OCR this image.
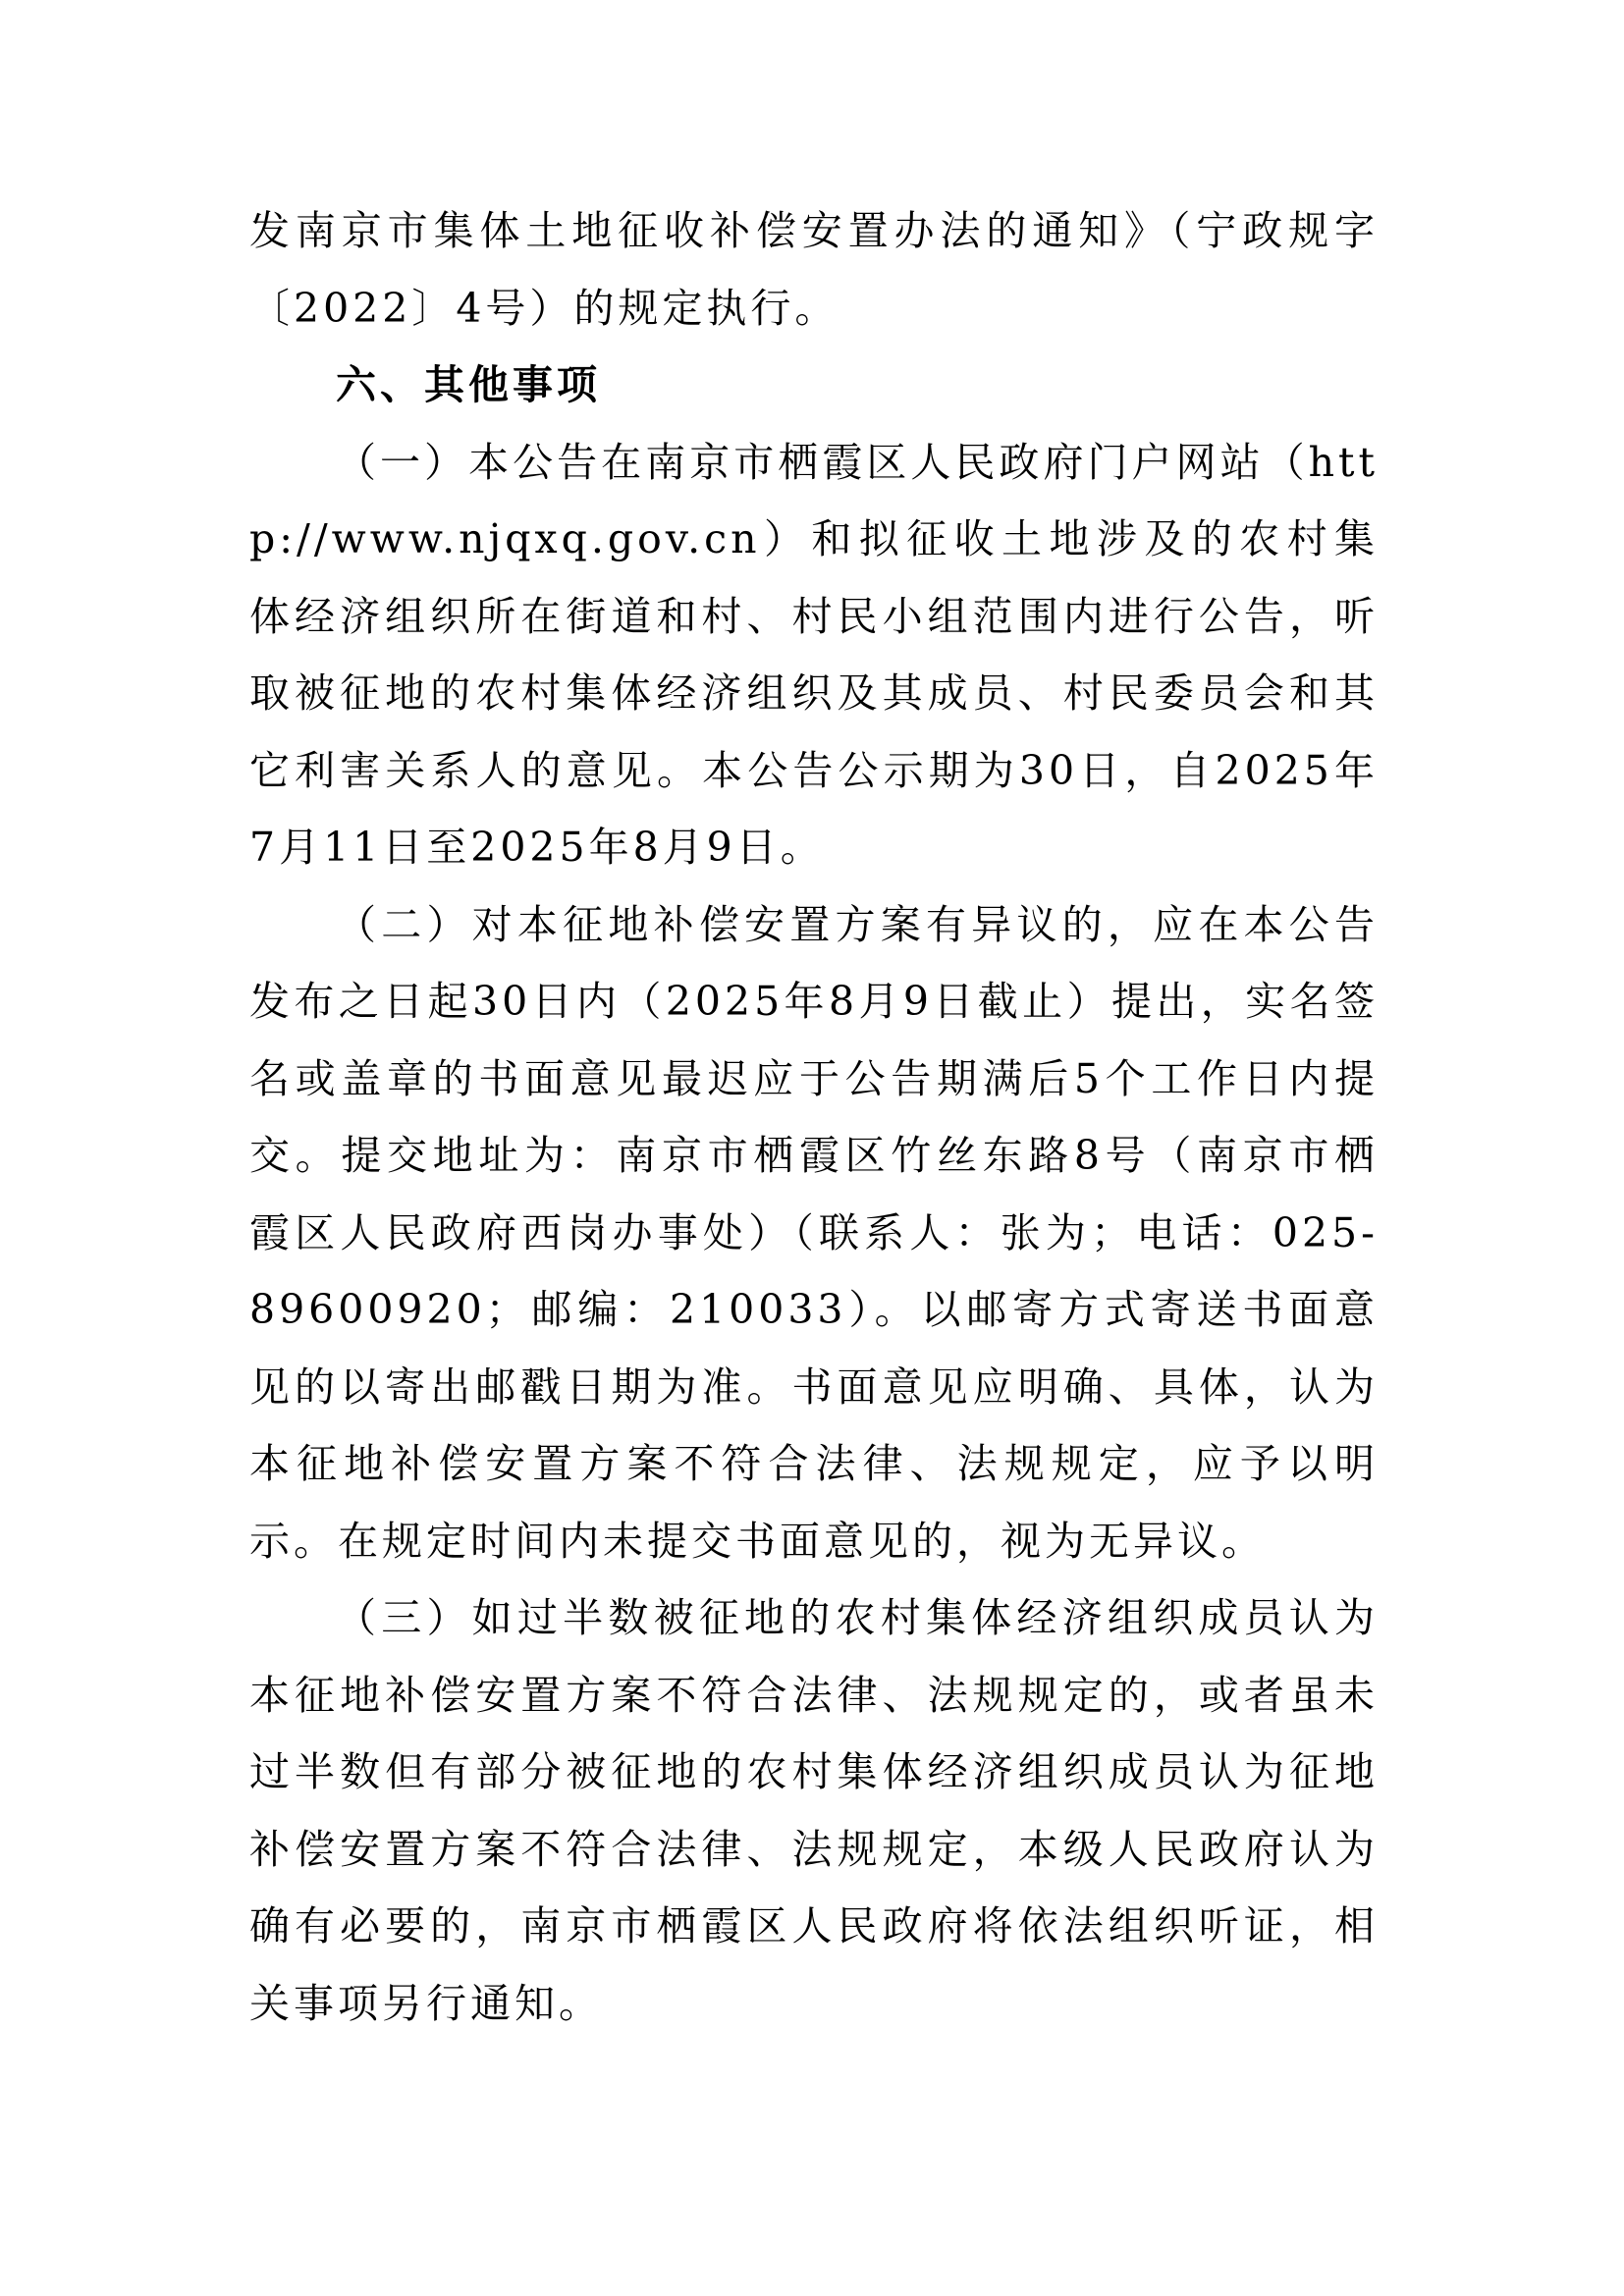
发南京市集体土地征收补偿安置办法的通知》（宁政规字〔2022〕4号）的规定执行。

六、其他事项

（一）本公告在南京市栖霞区人民政府门户网站（http://www.njqxq.gov.cn）和拟征收土地涉及的农村集体经济组织所在街道和村、村民小组范围内进行公告，听取被征地的农村集体经济组织及其成员、村民委员会和其它利害关系人的意见。本公告公示期为30日，自2025年7月11日至2025年8月9日。

（二）对本征地补偿安置方案有异议的，应在本公告发布之日起30日内（2025年8月9日截止）提出，实名签名或盖章的书面意见最迟应于公告期满后5个工作日内提交。提交地址为：南京市栖霞区竹丝东路8号（南京市栖霞区人民政府西岗办事处）（联系人：张为；电话：025-89600920；邮编：210033）。以邮寄方式寄送书面意见的以寄出邮戳日期为准。书面意见应明确、具体，认为本征地补偿安置方案不符合法律、法规规定，应予以明示。在规定时间内未提交书面意见的，视为无异议。

（三）如过半数被征地的农村集体经济组织成员认为本征地补偿安置方案不符合法律、法规规定的，或者虽未过半数但有部分被征地的农村集体经济组织成员认为征地补偿安置方案不符合法律、法规规定，本级人民政府认为确有必要的，南京市栖霞区人民政府将依法组织听证，相关事项另行通知。
